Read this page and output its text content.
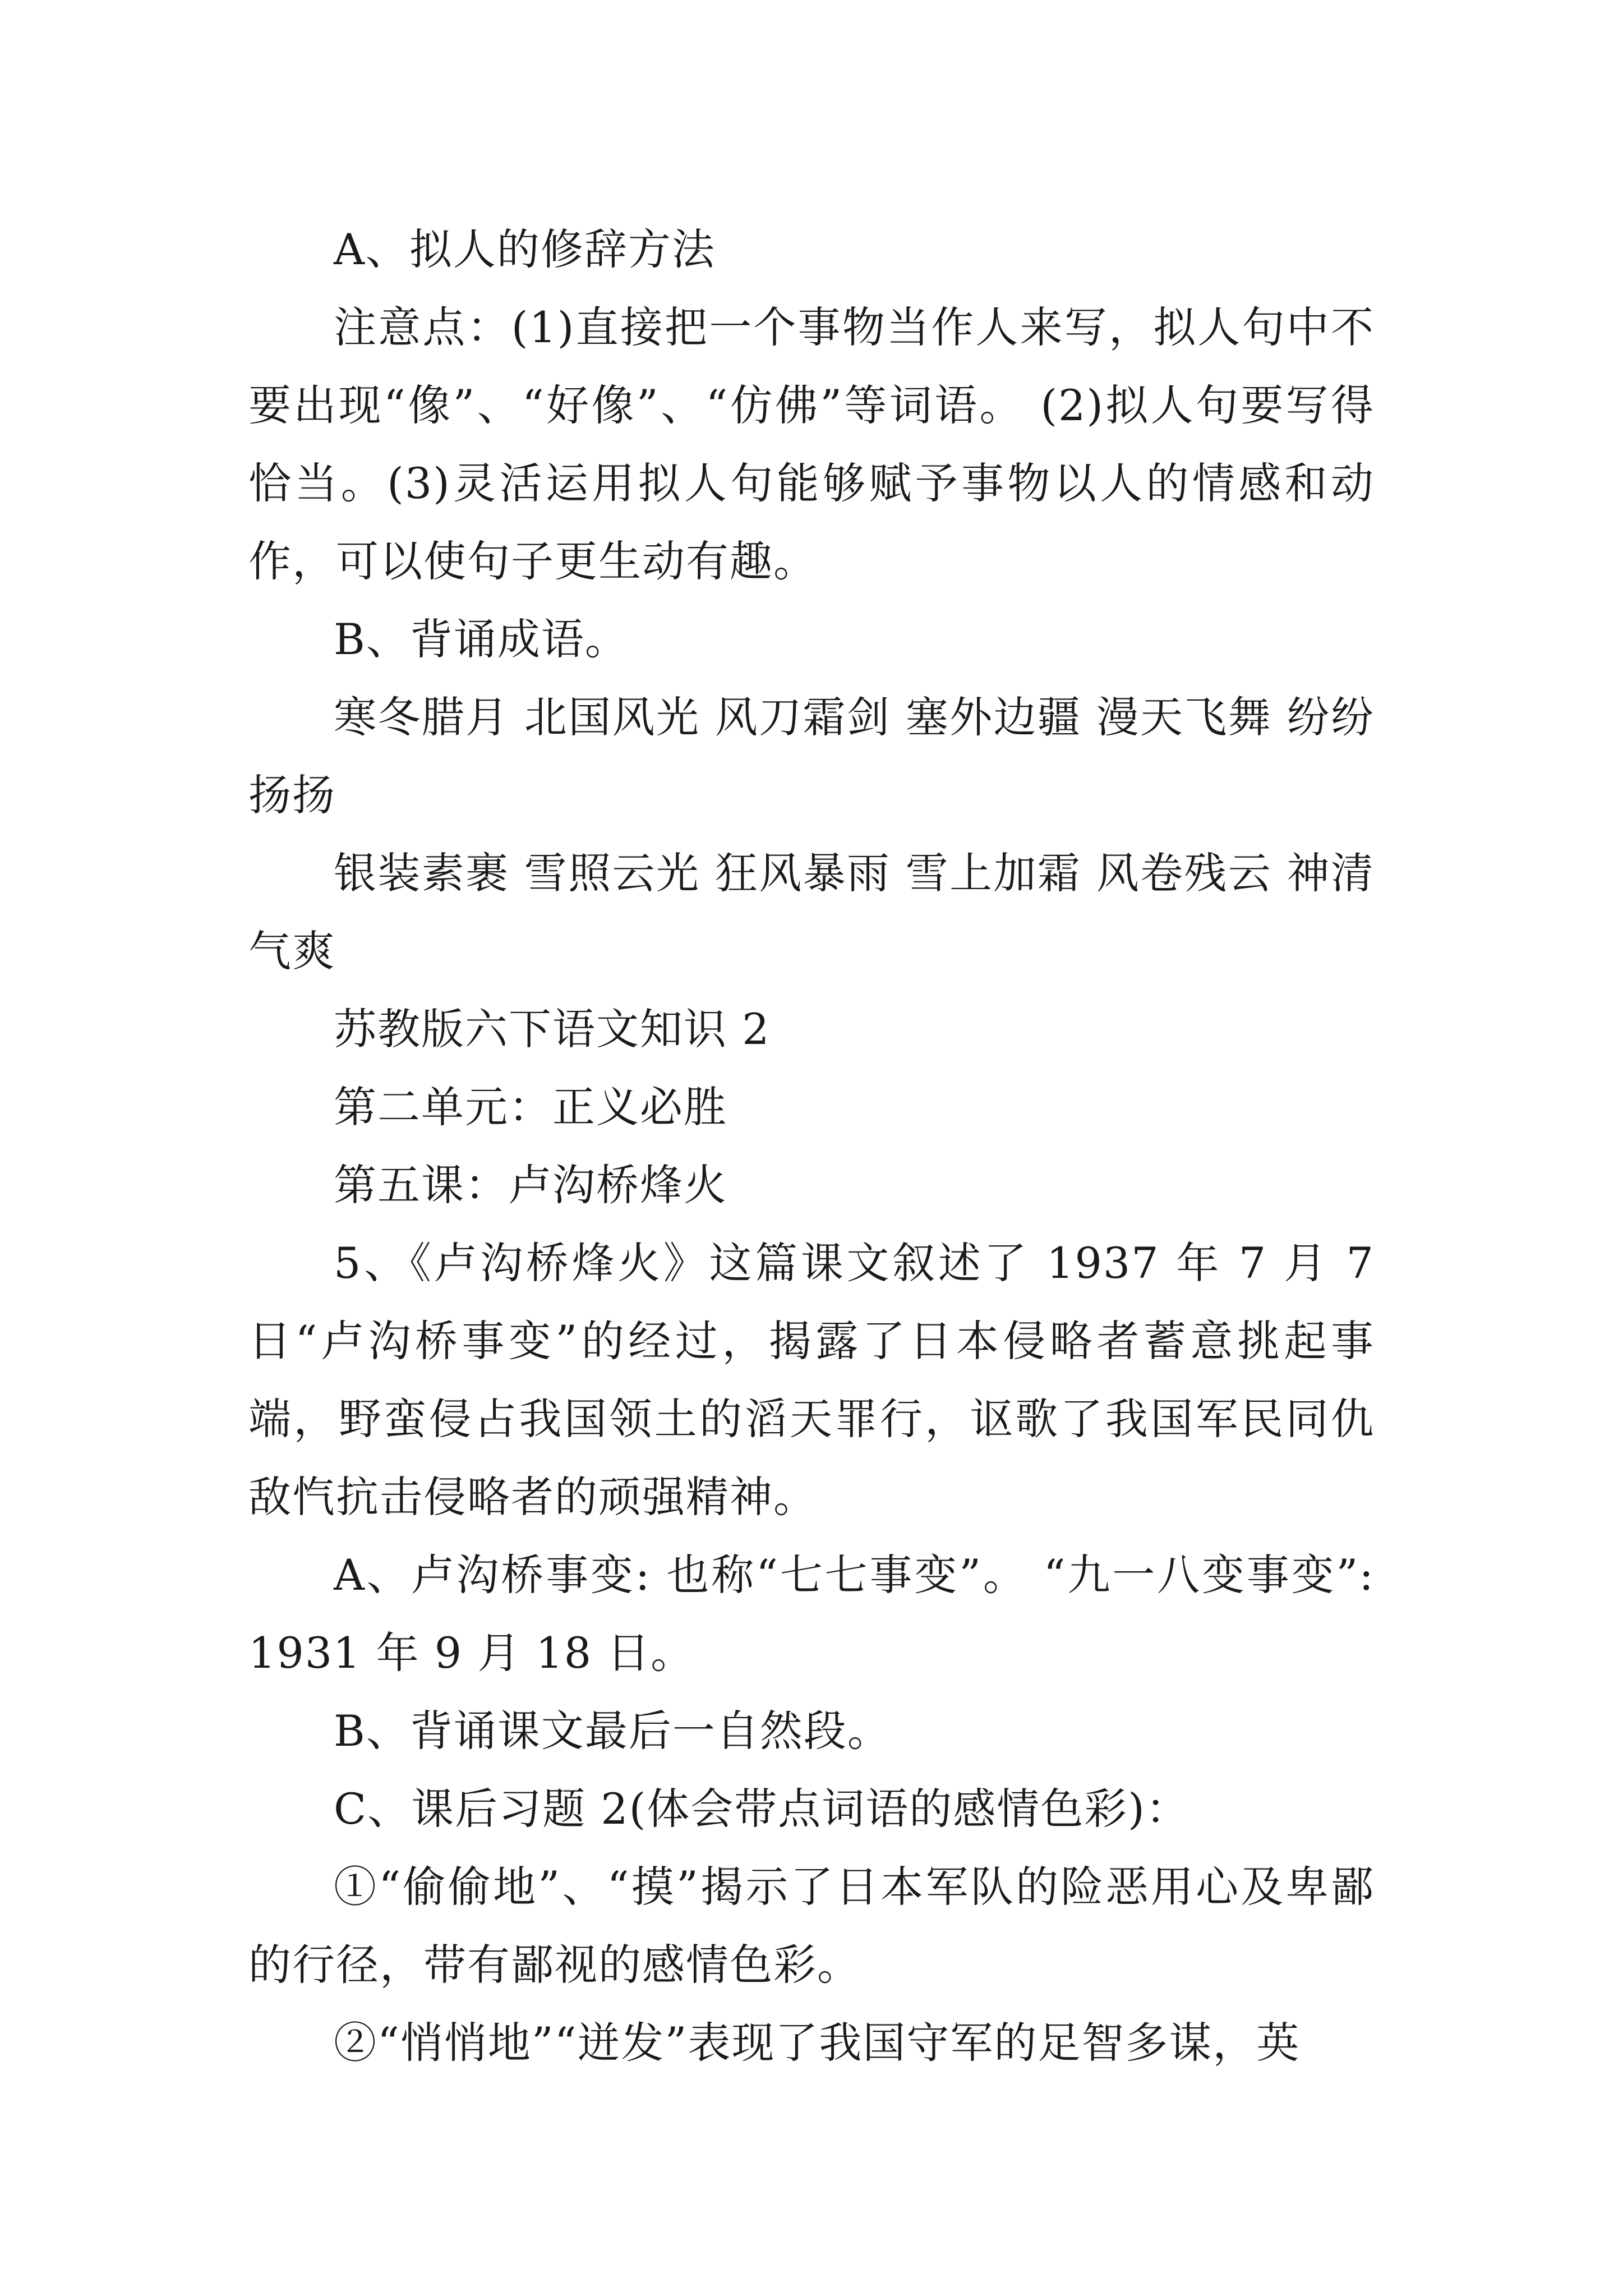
A、拟人的修辞方法

注意点：(1)直接把一个事物当作人来写，拟人句中不要出现“像”、“好像”、“仿佛”等词语。 (2)拟人句要写得恰当。(3)灵活运用拟人句能够赋予事物以人的情感和动作，可以使句子更生动有趣。

B、背诵成语。

寒冬腊月 北国风光 风刀霜剑 塞外边疆 漫天飞舞 纷纷扬扬

银装素裹 雪照云光 狂风暴雨 雪上加霜 风卷残云 神清气爽

苏教版六下语文知识 2

第二单元：正义必胜

第五课：卢沟桥烽火

5、《卢沟桥烽火》这篇课文叙述了 1937 年 7 月 7 日“卢沟桥事变”的经过，揭露了日本侵略者蓄意挑起事端，野蛮侵占我国领土的滔天罪行，讴歌了我国军民同仇敌忾抗击侵略者的顽强精神。

A、卢沟桥事变: 也称“七七事变”。 “九一八变事变”: 1931 年 9 月 18 日。

B、背诵课文最后一自然段。

C、课后习题 2(体会带点词语的感情色彩)：

①“偷偷地”、“摸”揭示了日本军队的险恶用心及卑鄙的行径，带有鄙视的感情色彩。

②“悄悄地”“迸发”表现了我国守军的足智多谋，英
